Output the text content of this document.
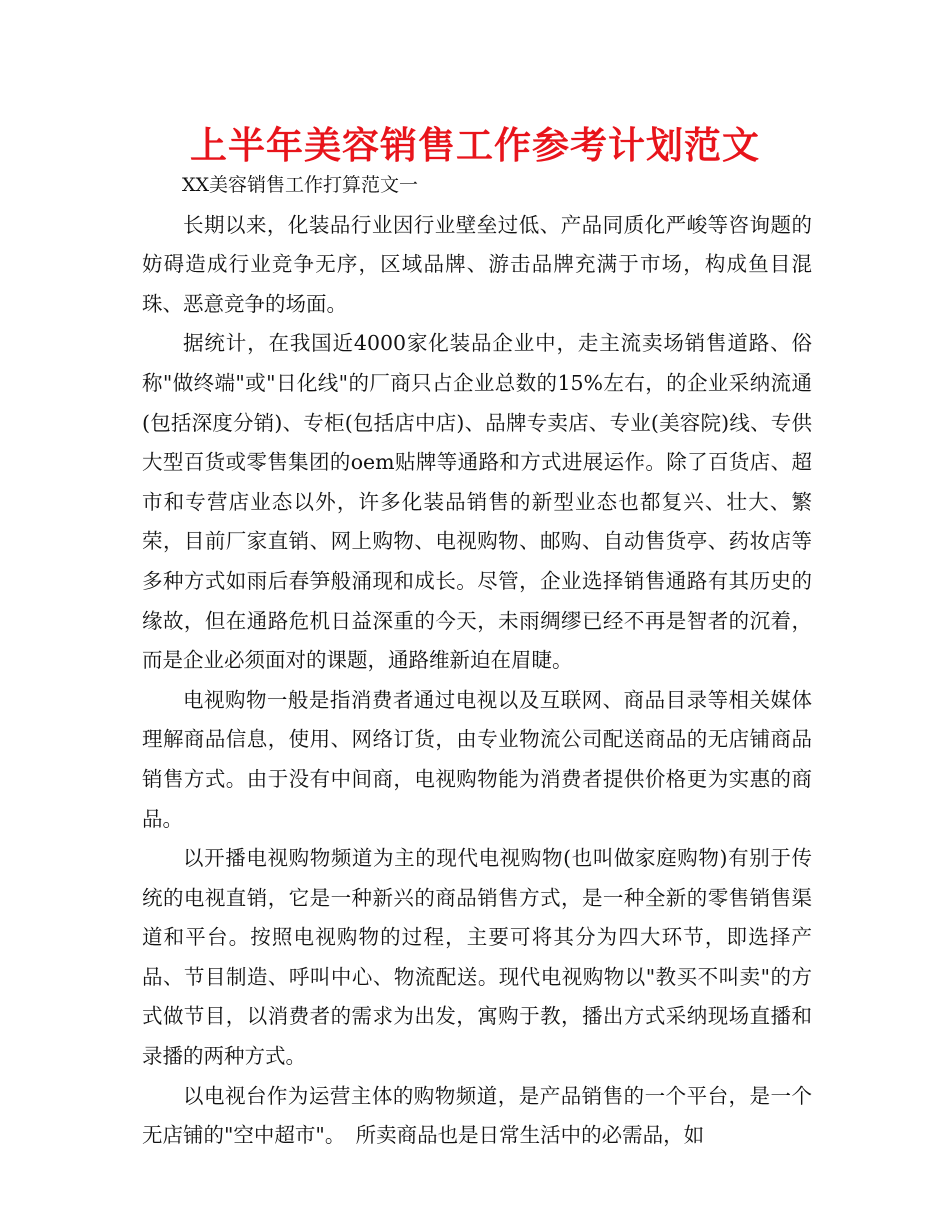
上半年美容销售工作参考计划范文

XX美容销售工作打算范文一

长期以来，化装品行业因行业壁垒过低、产品同质化严峻等咨询题的妨碍造成行业竞争无序，区域品牌、游击品牌充满于市场，构成鱼目混珠、恶意竞争的场面。

据统计，在我国近4000家化装品企业中，走主流卖场销售道路、俗称"做终端"或"日化线"的厂商只占企业总数的15%左右，的企业采纳流通(包括深度分销)、专柜(包括店中店)、品牌专卖店、专业(美容院)线、专供大型百货或零售集团的oem贴牌等通路和方式进展运作。除了百货店、超市和专营店业态以外，许多化装品销售的新型业态也都复兴、壮大、繁荣，目前厂家直销、网上购物、电视购物、邮购、自动售货亭、药妆店等多种方式如雨后春笋般涌现和成长。尽管，企业选择销售通路有其历史的缘故，但在通路危机日益深重的今天，未雨绸缪已经不再是智者的沉着，而是企业必须面对的课题，通路维新迫在眉睫。

电视购物一般是指消费者通过电视以及互联网、商品目录等相关媒体理解商品信息，使用、网络订货，由专业物流公司配送商品的无店铺商品销售方式。由于没有中间商，电视购物能为消费者提供价格更为实惠的商品。

以开播电视购物频道为主的现代电视购物(也叫做家庭购物)有别于传统的电视直销，它是一种新兴的商品销售方式，是一种全新的零售销售渠道和平台。按照电视购物的过程，主要可将其分为四大环节，即选择产品、节目制造、呼叫中心、物流配送。现代电视购物以"教买不叫卖"的方式做节目，以消费者的需求为出发，寓购于教，播出方式采纳现场直播和录播的两种方式。

以电视台作为运营主体的购物频道，是产品销售的一个平台，是一个无店铺的"空中超市"。　所卖商品也是日常生活中的必需品，如
